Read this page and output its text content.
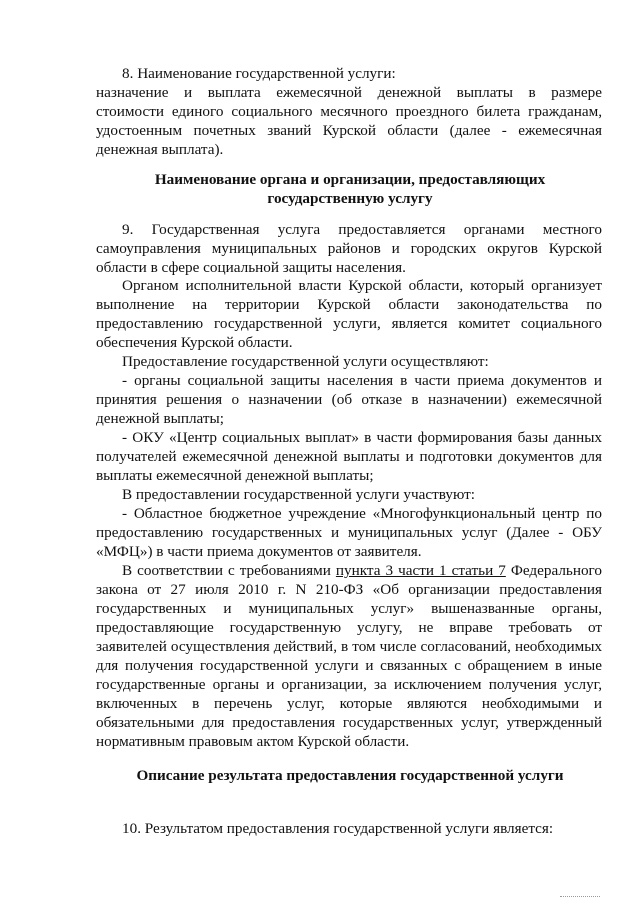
8. Наименование государственной услуги:
назначение и выплата ежемесячной денежной выплаты в размере
стоимости единого социального месячного проездного билета гражданам,
удостоенным почетных званий Курской области (далее - ежемесячная
денежная выплата).
Наименование органа и организации, предоставляющих
государственную услугу
9. Государственная услуга предоставляется органами местного
самоуправления муниципальных районов и городских округов Курской
области в сфере социальной защиты населения.
Органом исполнительной власти Курской области, который организует
выполнение на территории Курской области законодательства по
предоставлению государственной услуги, является комитет социального
обеспечения Курской области.
Предоставление государственной услуги осуществляют:
- органы социальной защиты населения в части приема документов и
принятия решения о назначении (об отказе в назначении) ежемесячной
денежной выплаты;
- ОКУ «Центр социальных выплат» в части формирования базы данных
получателей ежемесячной денежной выплаты и подготовки документов для
выплаты ежемесячной денежной выплаты;
В предоставлении государственной услуги участвуют:
- Областное бюджетное учреждение «Многофункциональный центр по
предоставлению государственных и муниципальных услуг (Далее - ОБУ
«МФЦ») в части приема документов от заявителя.
В соответствии с требованиями пункта 3 части 1 статьи 7 Федерального
закона от 27 июля 2010 г. N 210-ФЗ «Об организации предоставления
государственных и муниципальных услуг» вышеназванные органы,
предоставляющие государственную услугу, не вправе требовать от
заявителей осуществления действий, в том числе согласований, необходимых
для получения государственной услуги и связанных с обращением в иные
государственные органы и организации, за исключением получения услуг,
включенных в перечень услуг, которые являются необходимыми и
обязательными для предоставления государственных услуг, утвержденный
нормативным правовым актом Курской области.
Описание результата предоставления государственной услуги
10. Результатом предоставления государственной услуги является:
